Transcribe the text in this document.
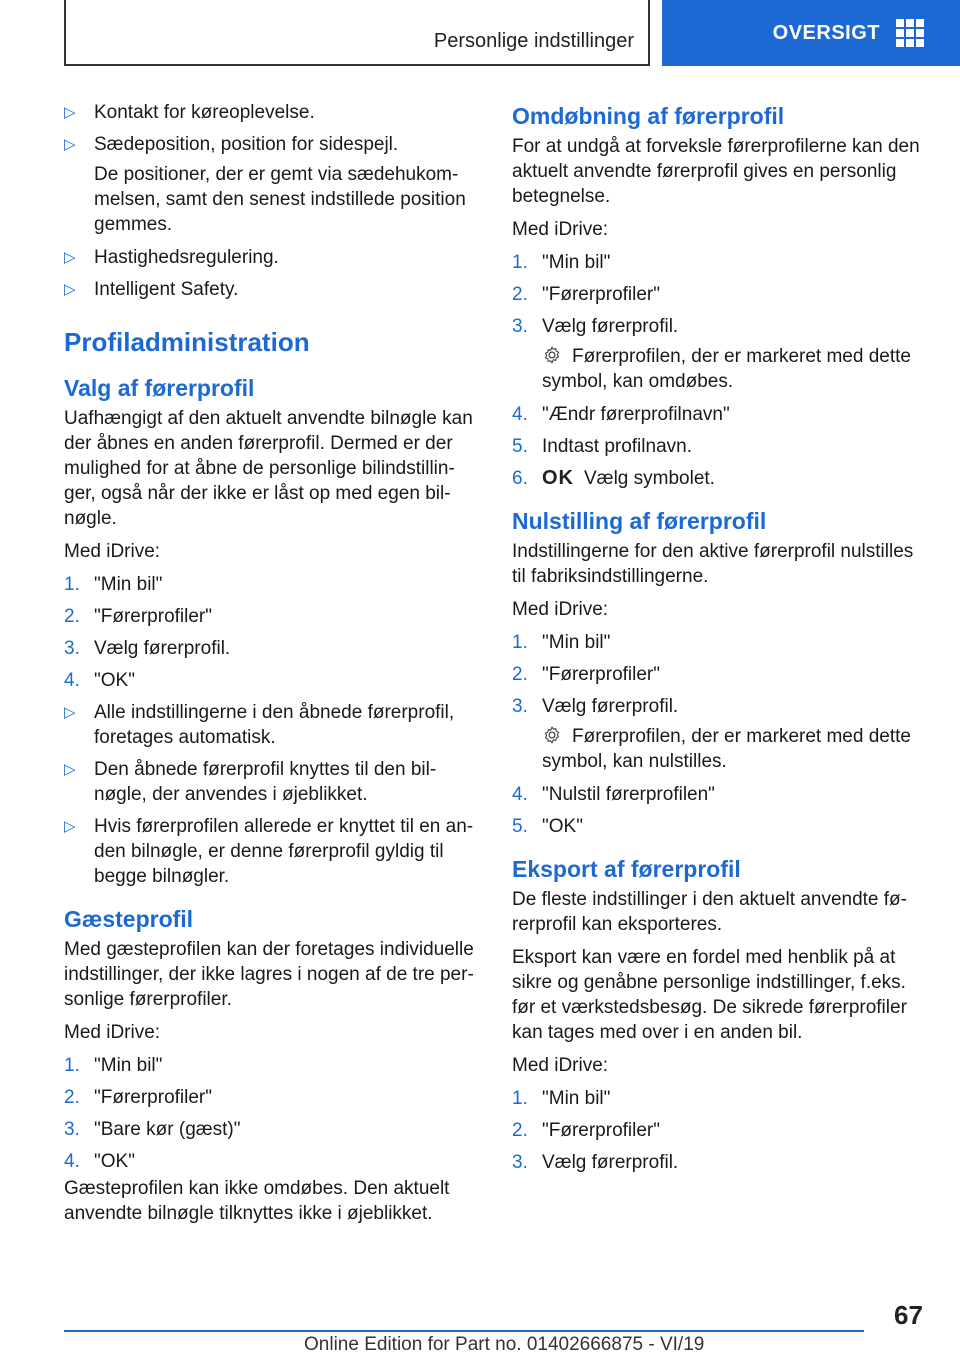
Personlige indstillinger	OVERSIGT
▷ Kontakt for køreoplevelse.
▷ Sædeposition, position for sidespejl.

De positioner, der er gemt via sædehukommelsen, samt den senest indstillede position gemmes.

▷ Hastighedsregulering.
▷ Intelligent Safety.
Profiladministration
Valg af førerprofil

Uafhængigt af den aktuelt anvendte bilnøgle kan der åbnes en anden førerprofil. Dermed er der mulighed for at åbne de personlige bilindstillinger, også når der ikke er låst op med egen bilnøgle.

Med iDrive:

1. "Min bil"
2. "Førerprofiler"
3. Vælg førerprofil.
4. "OK"
▷ Alle indstillingerne i den åbnede førerprofil, foretages automatisk.
▷ Den åbnede førerprofil knyttes til den bilnøgle, der anvendes i øjeblikket.
▷ Hvis førerprofilen allerede er knyttet til en anden bilnøgle, er denne førerprofil gyldig til begge bilnøgler.
Gæsteprofil

Med gæsteprofilen kan der foretages individuelle indstillinger, der ikke lagres i nogen af de tre personlige førerprofiler.

Med iDrive:

1. "Min bil"
2. "Førerprofiler"
3. "Bare kør (gæst)"
4. "OK"

Gæsteprofilen kan ikke omdøbes. Den aktuelt anvendte bilnøgle tilknyttes ikke i øjeblikket.

Omdøbning af førerprofil

For at undgå at forveksle førerprofilerne kan den aktuelt anvendte førerprofil gives en personlig betegnelse.

Med iDrive:

1. "Min bil"
2. "Førerprofiler"
3. Vælg førerprofil.

Førerprofilen, der er markeret med dette symbol, kan omdøbes.

4. "Ændr førerprofilnavn"
5. Indtast profilnavn.
6. OK Vælg symbolet.
Nulstilling af førerprofil

Indstillingerne for den aktive førerprofil nulstilles til fabriksindstillingerne.

Med iDrive:

1. "Min bil"
2. "Førerprofiler"
3. Vælg førerprofil.

Førerprofilen, der er markeret med dette symbol, kan nulstilles.

4. "Nulstil førerprofilen"
5. "OK"
Eksport af førerprofil

De fleste indstillinger i den aktuelt anvendte førerprofil kan eksporteres.

Eksport kan være en fordel med henblik på at sikre og genåbne personlige indstillinger, f.eks. før et værkstedsbesøg. De sikrede førerprofiler kan tages med over i en anden bil.

Med iDrive:

1. "Min bil"
2. "Førerprofiler"
3. Vælg førerprofil.
67
Online Edition for Part no. 01402666875 - VI/19
